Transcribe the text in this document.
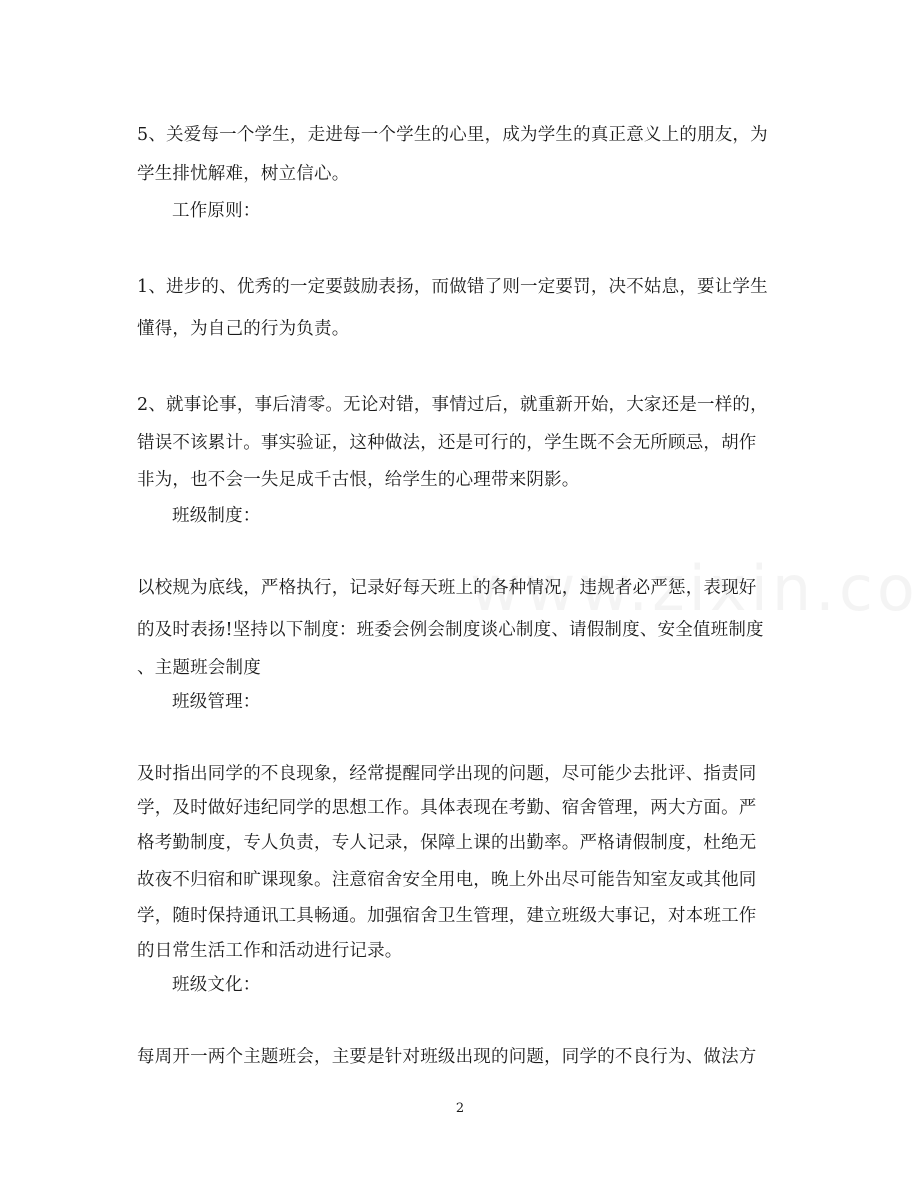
5、关爱每一个学生，走进每一个学生的心里，成为学生的真正意义上的朋友，为
学生排忧解难，树立信心。
工作原则：
1、进步的、优秀的一定要鼓励表扬，而做错了则一定要罚，决不姑息，要让学生
懂得，为自己的行为负责。
2、就事论事，事后清零。无论对错，事情过后，就重新开始，大家还是一样的，
错误不该累计。事实验证，这种做法，还是可行的，学生既不会无所顾忌，胡作
非为，也不会一失足成千古恨，给学生的心理带来阴影。
班级制度：
以校规为底线，严格执行，记录好每天班上的各种情况，违规者必严惩，表现好
的及时表扬!坚持以下制度：班委会例会制度谈心制度、请假制度、安全值班制度
、主题班会制度
班级管理：
及时指出同学的不良现象，经常提醒同学出现的问题，尽可能少去批评、指责同
学，及时做好违纪同学的思想工作。具体表现在考勤、宿舍管理，两大方面。严
格考勤制度，专人负责，专人记录，保障上课的出勤率。严格请假制度，杜绝无
故夜不归宿和旷课现象。注意宿舍安全用电，晚上外出尽可能告知室友或其他同
学，随时保持通讯工具畅通。加强宿舍卫生管理，建立班级大事记，对本班工作
的日常生活工作和活动进行记录。
班级文化：
每周开一两个主题班会，主要是针对班级出现的问题，同学的不良行为、做法方
2
